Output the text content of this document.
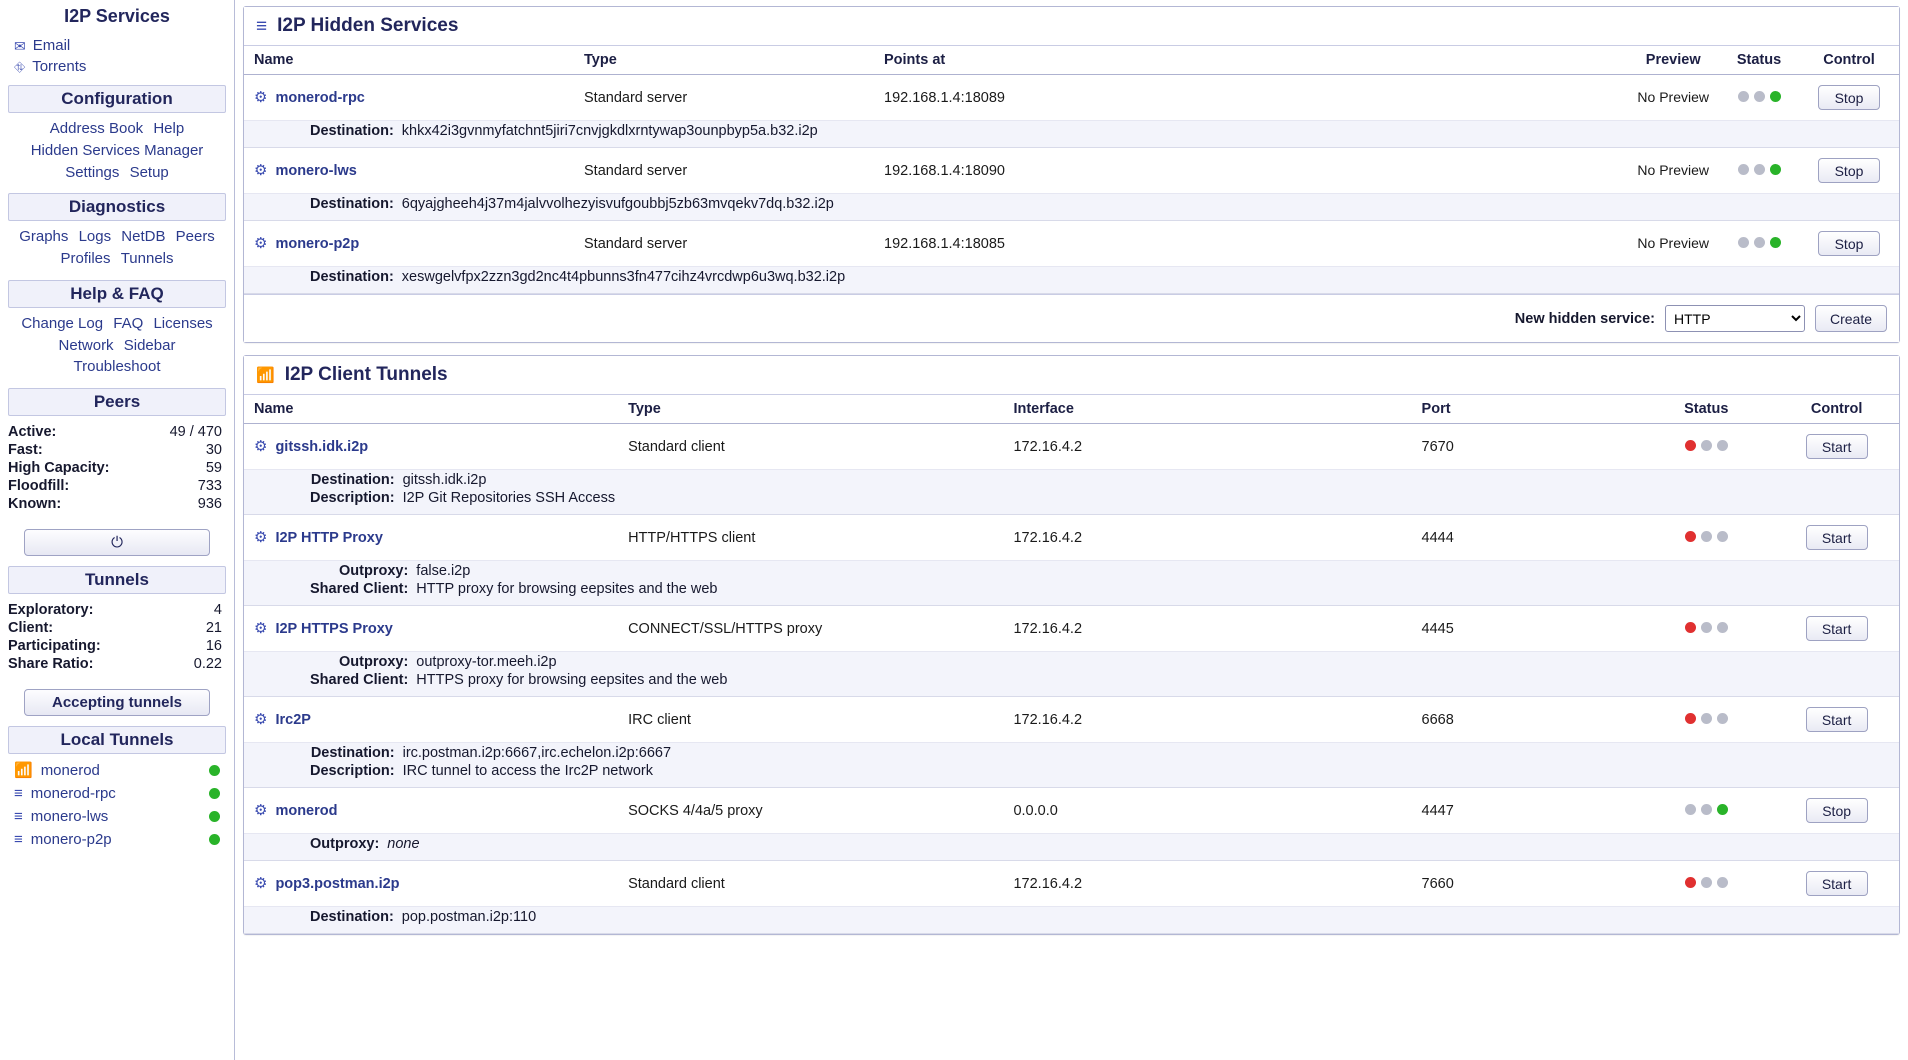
I2P Services
✉ Email
⛗ Torrents
Configuration
Address Book Help
Hidden Services Manager
Settings Setup
Diagnostics
Graphs Logs NetDB Peers
Profiles Tunnels
Help & FAQ
Change Log FAQ Licenses
Network Sidebar Troubleshoot
Peers
Active:	49 / 470
Fast:	30
High Capacity:	59
Floodfill:	733
Known:	936
⏻
Tunnels
Exploratory:	4
Client:	21
Participating:	16
Share Ratio:	0.22
Accepting tunnels
Local Tunnels
📶 monerod
≡ monerod-rpc
≡ monero-lws
≡ monero-p2p
≡ I2P Hidden Services
Name	Type	Points at	Preview	Status	Control

⚙ monerod-rpc	Standard server	192.168.1.4:18089	No Preview		Stop

Destination: khkx42i3gvnmyfatchnt5jiri7cnvjgkdlxrntywap3ounpbyp5a.b32.i2p					

⚙ monero-lws	Standard server	192.168.1.4:18090	No Preview		Stop

Destination: 6qyajgheeh4j37m4jalvvolhezyisvufgoubbj5zb63mvqekv7dq.b32.i2p					

⚙ monero-p2p	Standard server	192.168.1.4:18085	No Preview		Stop

Destination: xeswgelvfpx2zzn3gd2nc4t4pbunns3fn477cihz4vrcdwp6u3wq.b32.i2p					
New hidden service:
HTTP	Create
📶 I2P Client Tunnels
Name	Type	Interface	Port	Status	Control

⚙ gitssh.idk.i2p	Standard client	172.16.4.2	7670		Start

Destination: gitssh.idk.i2p
Description: I2P Git Repositories SSH Access					

⚙ I2P HTTP Proxy	HTTP/HTTPS client	172.16.4.2	4444		Start

Outproxy: false.i2p
Shared Client: HTTP proxy for browsing eepsites and the web					

⚙ I2P HTTPS Proxy	CONNECT/SSL/HTTPS proxy	172.16.4.2	4445		Start

Outproxy: outproxy-tor.meeh.i2p
Shared Client: HTTPS proxy for browsing eepsites and the web					

⚙ Irc2P	IRC client	172.16.4.2	6668		Start

Destination: irc.postman.i2p:6667,irc.echelon.i2p:6667
Description: IRC tunnel to access the Irc2P network					

⚙ monerod	SOCKS 4/4a/5 proxy	0.0.0.0	4447		Stop

Outproxy: none					

⚙ pop3.postman.i2p	Standard client	172.16.4.2	7660		Start

Destination: pop.postman.i2p:110					
